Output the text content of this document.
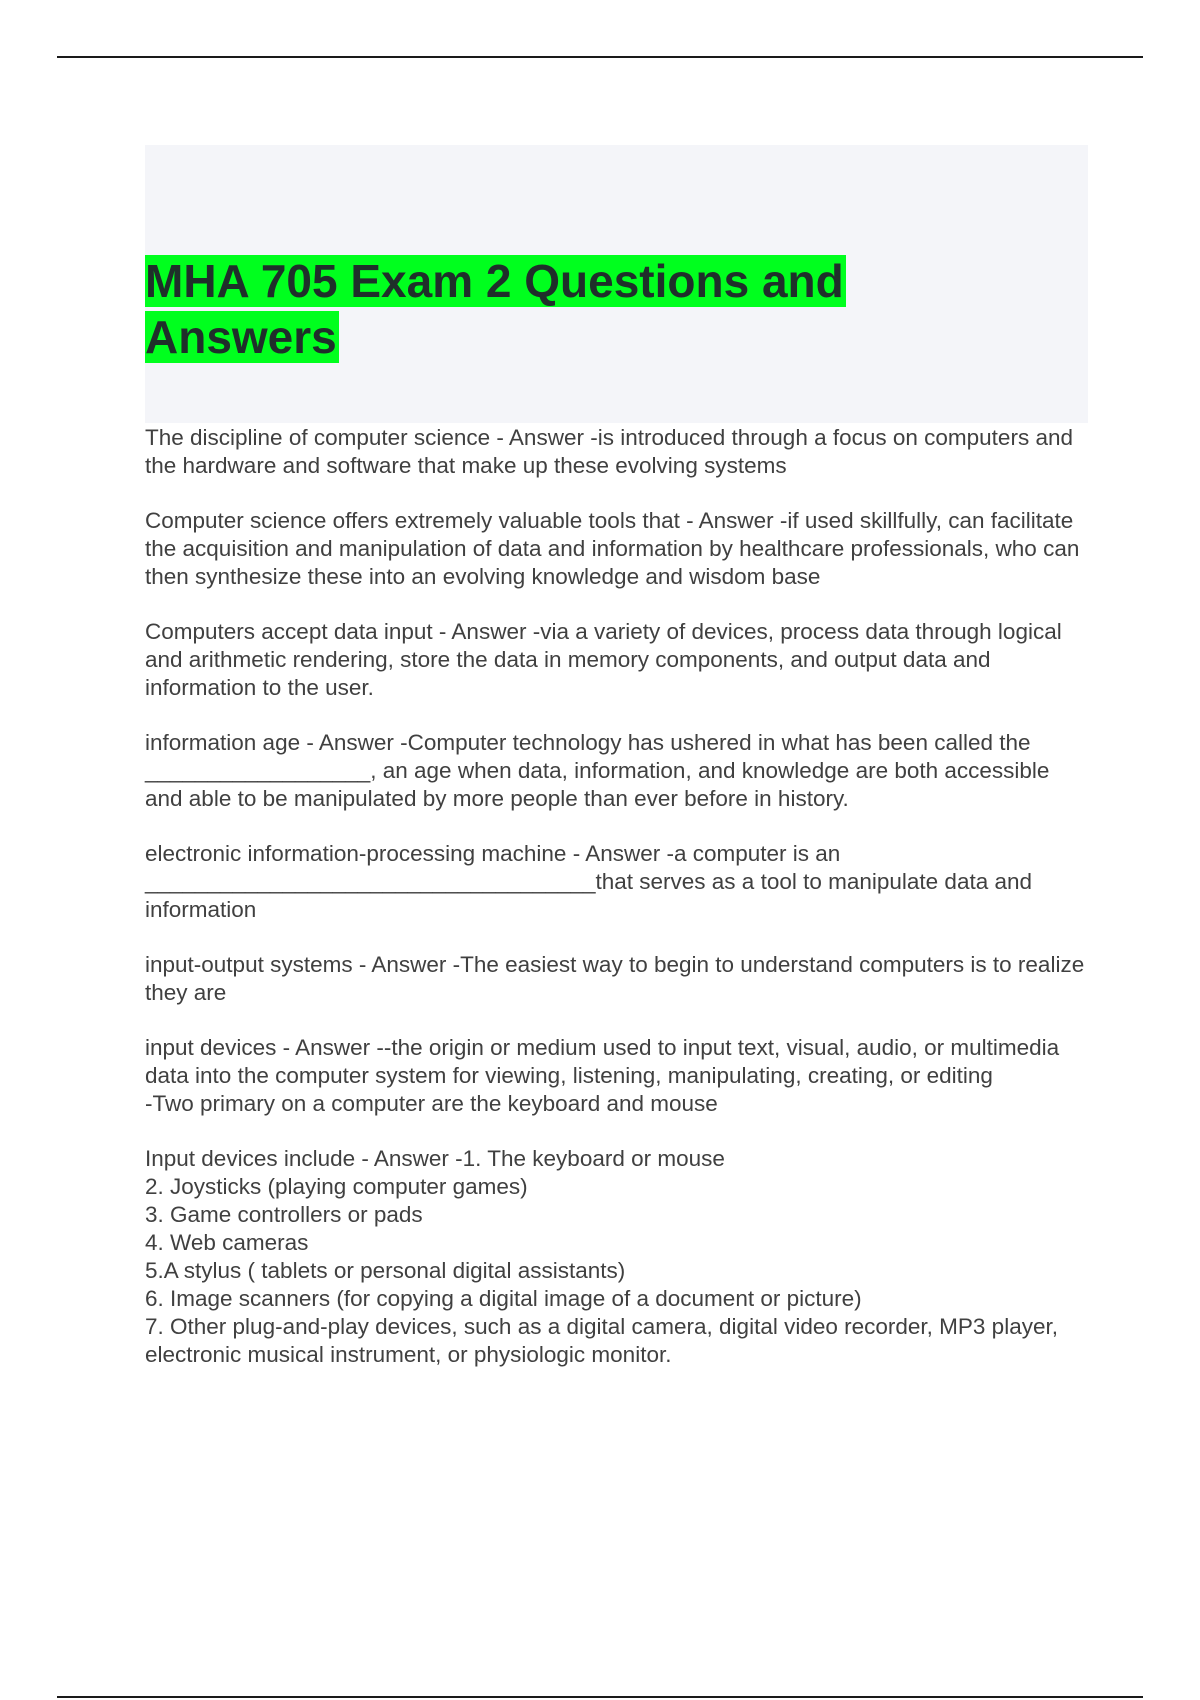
MHA 705 Exam 2 Questions and Answers

The discipline of computer science - Answer -is introduced through a focus on computers and the hardware and software that make up these evolving systems

Computer science offers extremely valuable tools that - Answer -if used skillfully, can facilitate the acquisition and manipulation of data and information by healthcare professionals, who can then synthesize these into an evolving knowledge and wisdom base

Computers accept data input - Answer -via a variety of devices, process data through logical and arithmetic rendering, store the data in memory components, and output data and information to the user.

information age - Answer -Computer technology has ushered in what has been called the __________________, an age when data, information, and knowledge are both accessible and able to be manipulated by more people than ever before in history.

electronic information-processing machine - Answer -a computer is an ____________________________________that serves as a tool to manipulate data and information

input-output systems - Answer -The easiest way to begin to understand computers is to realize they are

input devices - Answer --the origin or medium used to input text, visual, audio, or multimedia data into the computer system for viewing, listening, manipulating, creating, or editing
-Two primary on a computer are the keyboard and mouse

Input devices include - Answer -1. The keyboard or mouse
2. Joysticks (playing computer games)
3. Game controllers or pads
4. Web cameras
5.A stylus ( tablets or personal digital assistants)
6. Image scanners (for copying a digital image of a document or picture)
7. Other plug-and-play devices, such as a digital camera, digital video recorder, MP3 player, electronic musical instrument, or physiologic monitor.
